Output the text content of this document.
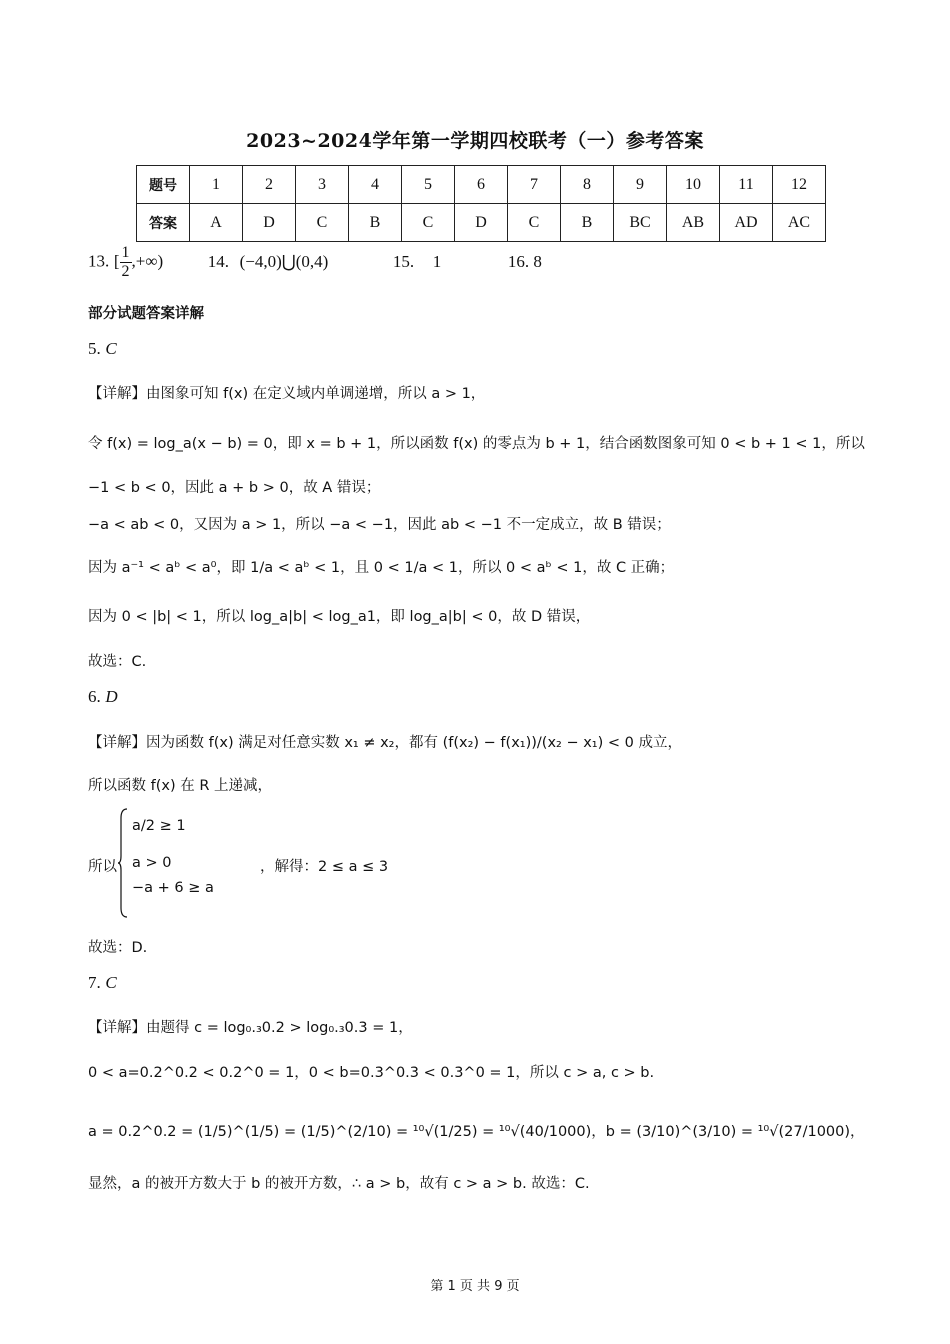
2023~2024学年第一学期四校联考（一）参考答案
题号	1	2	3	4	5	6	7	8	9	10	11	12
答案	A	D	C	B	C	D	C	B	BC	AB	AD	AC
13. [ $\frac{1}{2}$ ,+∞)	14. (−4,0)⋃(0,4)	15. 1	16. 8
部分试题答案详解
5. C
【详解】由图象可知 f(x) 在定义域内单调递增，所以 a > 1，
令 f(x) = log_a(x − b) = 0，即 x = b + 1，所以函数 f(x) 的零点为 b + 1，结合函数图象可知 0 < b + 1 < 1，所以
−1 < b < 0，因此 a + b > 0，故 A 错误；
−a < ab < 0，又因为 a > 1，所以 −a < −1，因此 ab < −1 不一定成立，故 B 错误；
因为 a⁻¹ < aᵇ < a⁰，即 1/a < aᵇ < 1，且 0 < 1/a < 1，所以 0 < aᵇ < 1，故 C 正确；
因为 0 < |b| < 1，所以 log_a|b| < log_a1，即 log_a|b| < 0，故 D 错误，
故选：C.
6. D
【详解】因为函数 f(x) 满足对任意实数 x₁ ≠ x₂，都有 (f(x₂) − f(x₁))/(x₂ − x₁) < 0 成立，
所以函数 f(x) 在 R 上递减，
所以
a/2 ≥ 1
a > 0
−a + 6 ≥ a
，解得：2 ≤ a ≤ 3
故选：D.
7. C
【详解】由题得 c = log₀.₃0.2 > log₀.₃0.3 = 1，
0 < a=0.2^0.2 < 0.2^0 = 1，0 < b=0.3^0.3 < 0.3^0 = 1，所以 c > a, c > b.
a = 0.2^0.2 = (1/5)^(1/5) = (1/5)^(2/10) = ¹⁰√(1/25) = ¹⁰√(40/1000)，b = (3/10)^(3/10) = ¹⁰√(27/1000)，
显然，a 的被开方数大于 b 的被开方数，∴ a > b，故有 c > a > b. 故选：C.
第 1 页 共 9 页
